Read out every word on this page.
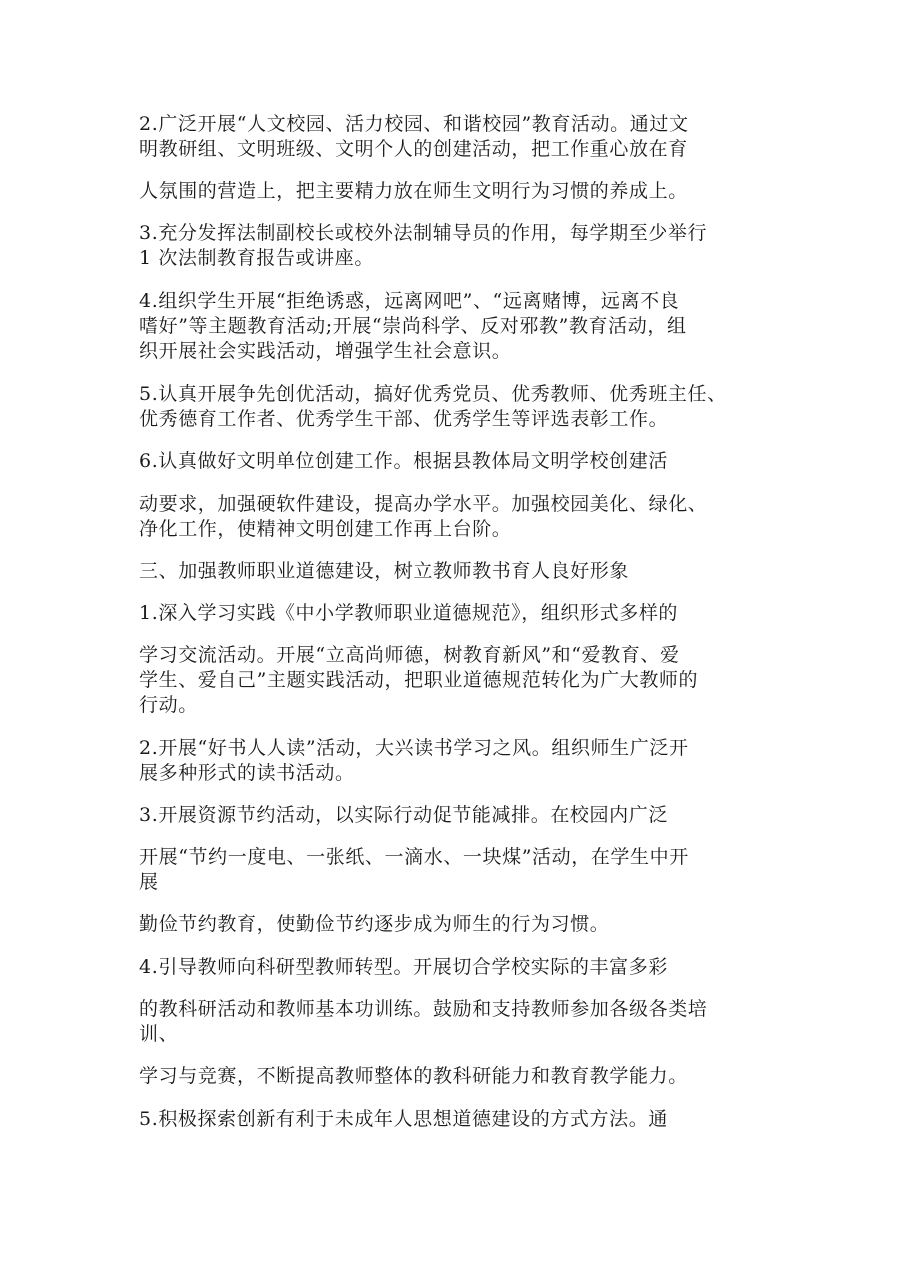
2.广泛开展“人文校园、活力校园、和谐校园”教育活动。通过文
明教研组、文明班级、文明个人的创建活动，把工作重心放在育

人氛围的营造上，把主要精力放在师生文明行为习惯的养成上。

3.充分发挥法制副校长或校外法制辅导员的作用，每学期至少举行
1 次法制教育报告或讲座。

4.组织学生开展“拒绝诱惑，远离网吧”、“远离赌博，远离不良
嗜好”等主题教育活动;开展“崇尚科学、反对邪教”教育活动，组
织开展社会实践活动，增强学生社会意识。

5.认真开展争先创优活动，搞好优秀党员、优秀教师、优秀班主任、
优秀德育工作者、优秀学生干部、优秀学生等评选表彰工作。

6.认真做好文明单位创建工作。根据县教体局文明学校创建活

动要求，加强硬软件建设，提高办学水平。加强校园美化、绿化、
净化工作，使精神文明创建工作再上台阶。

三、加强教师职业道德建设，树立教师教书育人良好形象

1.深入学习实践《中小学教师职业道德规范》，组织形式多样的

学习交流活动。开展“立高尚师德，树教育新风”和“爱教育、爱
学生、爱自己”主题实践活动，把职业道德规范转化为广大教师的
行动。

2.开展“好书人人读”活动，大兴读书学习之风。组织师生广泛开
展多种形式的读书活动。

3.开展资源节约活动，以实际行动促节能减排。在校园内广泛

开展“节约一度电、一张纸、一滴水、一块煤”活动，在学生中开
展

勤俭节约教育，使勤俭节约逐步成为师生的行为习惯。

4.引导教师向科研型教师转型。开展切合学校实际的丰富多彩

的教科研活动和教师基本功训练。鼓励和支持教师参加各级各类培
训、

学习与竞赛，不断提高教师整体的教科研能力和教育教学能力。

5.积极探索创新有利于未成年人思想道德建设的方式方法。通
